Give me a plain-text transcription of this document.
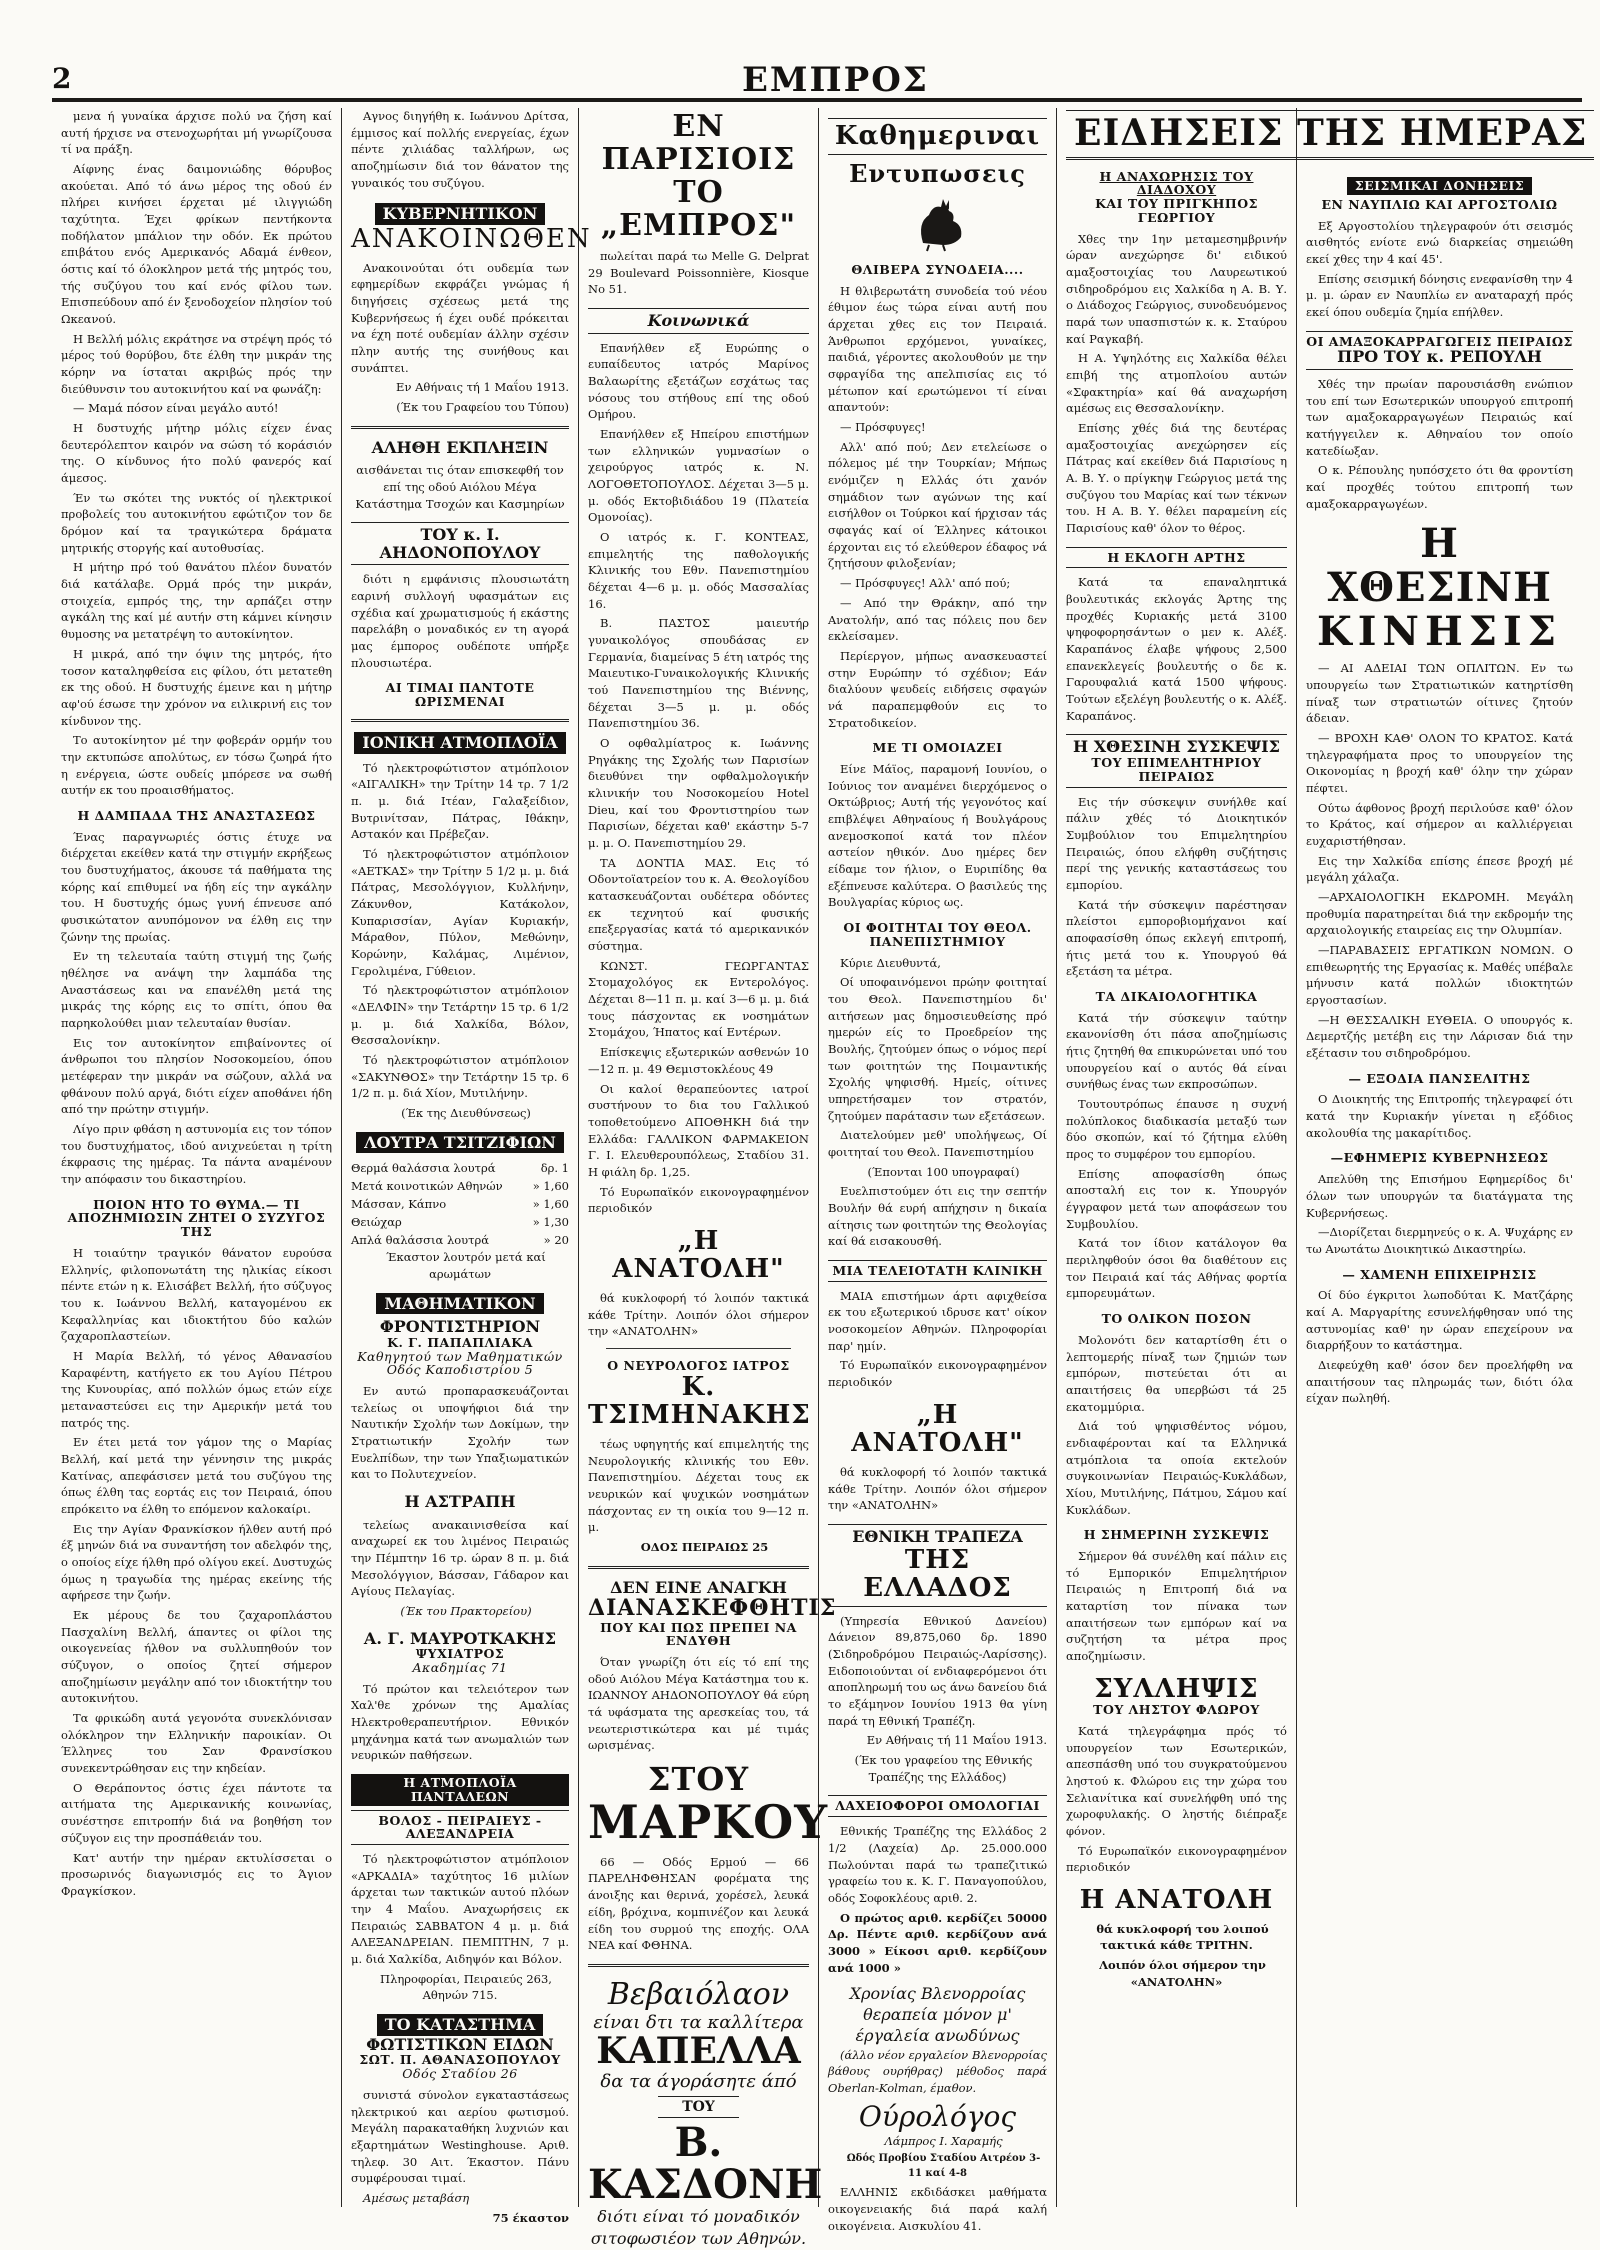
2	ΕΜΠΡΟΣ

μενα ή γυναίκα άρχισε πολύ να ζήση καί αυτή ήρχισε να στενοχωρήται μή γνωρίζουσα τί να πράξη.

Αίφνης ένας δαιμονιώδης θόρυβος ακούεται. Από τό άνω μέρος της οδού έν πλήρει κινήσει έρχεται μέ ιλιγγιώδη ταχύτητα. Έχει φρίκων πεντήκοντα ποδήλατον μπάλιον την οδόν. Εκ πρώτου επιβάτου ενός Αμερικανός Αδαμά ένθεον, όστις καί τό όλοκληρον μετά τής μητρός του, τής συζύγου του καί ενός φίλου των. Επισπεύδουν από έν ξενοδοχείον πλησίον τού Ωκεανού.

Η Βελλή μόλις εκράτησε να στρέψη πρός τό μέρος τού θορύβου, δτε έλθη την μικράν της κόρην να ίσταται ακριβώς πρός την διεύθυνσιν του αυτοκινήτου καί να φωνάζη:

— Μαμά πόσον είναι μεγάλο αυτό!

Η δυστυχής μήτηρ μόλις είχεν ένας δευτερόλεπτον καιρόν να σώση τό κοράσιόν της. Ο κίνδυνος ήτο πολύ φανερός καί άμεσος.

Έν τω σκότει της νυκτός οί ηλεκτρικοί προβολείς του αυτοκινήτου εφώτιζον τον δε δρόμον καί τα τραγικώτερα δράματα μητρικής στοργής καί αυτοθυσίας.

Η μήτηρ πρό τού θανάτου πλέον δυνατόν διά κατάλαβε. Ορμά πρός την μικράν, στοιχεία, εμπρός της, την αρπάζει στην αγκάλη της καί μέ αυτήν στη κάμνει κίνησιν θυμοσης να μετατρέψη το αυτοκίνητον.

Η μικρά, από την όψιν της μητρός, ήτο τοσον καταληφθείσα εις φίλου, ότι μετατεθη εκ της οδού. Η δυστυχής έμεινε και η μήτηρ αφ'ού έσωσε την χρόνον να ειλικρινή εις τον κίνδυνον της.

Το αυτοκίνητον μέ την φοβεράν ορμήν του την εκτυπώσε απολύτως, εν τόσω ζωηρά ήτο η ενέργεια, ώστε ουδείς μπόρεσε να σωθή αυτήν εκ του προαισθήματος.

Η ΔΑΜΠΑΔΑ ΤΗΣ ΑΝΑΣΤΑΣΕΩΣ

Ένας παραγνωριές όστις έτυχε να διέρχεται εκείθεν κατά την στιγμήν εκρήξεως του δυστυχήματος, άκουσε τά παθήματα της κόρης καί επιθυμεί να ήδη είς την αγκάλην του. Η δυστυχής όμως γυνή έπνευσε από φυσικώτατον ανυπόμονον να έλθη εις την ζώνην της πρωίας.

Εν τη τελευταία ταύτη στιγμή της ζωής ηθέλησε να ανάψη την λαμπάδα της Αναστάσεως και να επανέλθη μετά της μικράς της κόρης εις το σπίτι, όπου θα παρηκολούθει μιαν τελευταίαν θυσίαν.

Εις τον αυτοκίνητον επιβαίνοντες οί άνθρωποι του πλησίον Νοσοκομείου, όπου μετέφεραν την μικράν να σώζουν, αλλά να φθάνουν πολύ αργά, διότι είχεν αποθάνει ήδη από την πρώτην στιγμήν.

Λίγο πριν φθάση η αστυνομία εις τον τόπον του δυστυχήματος, ιδού ανιχνεύεται η τρίτη έκφρασις της ημέρας. Τα πάντα αναμένουν την απόφασιν του δικαστηρίου.

ΠΟΙΟΝ ΗΤΟ ΤΟ ΘΥΜΑ.— ΤΙ ΑΠΟΖΗΜΙΩΣΙΝ ΖΗΤΕΙ Ο ΣΥΖΥΓΟΣ ΤΗΣ

Η τοιαύτην τραγικόν θάνατον ευρούσα Ελληνίς, φιλοπονωτάτη της ηλικίας είκοσι πέντε ετών η κ. Ελισάβετ Βελλή, ήτο σύζυγος του κ. Ιωάννου Βελλή, καταγομένου εκ Κεφαλληνίας και ιδιοκτήτου δύο καλών ζαχαροπλαστείων.

Η Μαρία Βελλή, τό γένος Αθανασίου Καραφέντη, κατήγετο εκ του Αγίου Πέτρου της Κυνουρίας, από πολλών όμως ετών είχε μεταναστεύσει εις την Αμερικήν μετά του πατρός της.

Εν έτει μετά τον γάμον της ο Μαρίας Βελλή, καί μετά την γέννησιν της μικράς Κατίνας, απεφάσισεν μετά του συζύγου της όπως έλθη τας εορτάς εις τον Πειραιά, όπου επρόκειτο να έλθη το επόμενον καλοκαίρι.

Εις την Αγίαν Φρανκίσκον ήλθεν αυτή πρό έξ μηνών διά να συναντήση τον αδελφόν της, ο οποίος είχε ήλθη πρό ολίγου εκεί. Δυστυχώς όμως η τραγωδία της ημέρας εκείνης τής αφήρεσε την ζωήν.

Εκ μέρους δε του ζαχαροπλάστου Πασχαλίνη Βελλή, άπαντες οι φίλοι της οικογενείας ήλθον να συλλυπηθούν τον σύζυγον, ο οποίος ζητεί σήμερον αποζημίωσιν μεγάλην από τον ιδιοκτήτην του αυτοκινήτου.

Τα φρικώδη αυτά γεγονότα συνεκλόνισαν ολόκληρον την Ελληνικήν παροικίαν. Οι Έλληνες του Σαν Φρανσίσκου συνεκεντρώθησαν εις την κηδείαν.

Ο Θεράποντος όστις έχει πάντοτε τα αιτήματα της Αμερικανικής κοινωνίας, συνέστησε επιτροπήν διά να βοηθήση τον σύζυγον εις την προσπάθειάν του.

Κατ' αυτήν την ημέραν εκτυλίσσεται ο προσωρινός διαγωνισμός εις το Άγιον Φραγκίσκον.

Αγνος διηγήθη κ. Ιωάννου Δρίτσα, έμμισος καί πολλής ενεργείας, έχων πέντε χιλιάδας ταλλήρων, ως αποζημίωσιν διά τον θάνατον της γυναικός του συζύγου.

ΚΥΒΕΡΝΗΤΙΚΟΝ
ΑΝΑΚΟΙΝΩΘΕΝ

Ανακοινούται ότι ουδεμία των εφημερίδων εκφράζει γνώμας ή διηγήσεις σχέσεως μετά της Κυβερνήσεως ή έχει ουδέ πρόκειται να έχη ποτέ ουδεμίαν άλλην σχέσιν πλην αυτής της συνήθους και συνάπτει.

Εν Αθήναις τή 1 Μαΐου 1913.

(Έκ του Γραφείου του Τύπου)

ΑΛΗΘΗ ΕΚΠΛΗΞΙΝ

αισθάνεται τις όταν επισκεφθή τον επί της οδού Αιόλου Μέγα Κατάστημα Τσοχών και Κασμηρίων

ΤΟΥ κ. Ι. ΑΗΔΟΝΟΠΟΥΛΟΥ

διότι η εμφάνισις πλουσιωτάτη εαρινή συλλογή υφασμάτων εις σχέδια καί χρωματισμούς ή εκάστης παρελάβη ο μοναδικός εν τη αγορά μας έμπορος ουδέποτε υπήρξε πλουσιωτέρα.

ΑΙ ΤΙΜΑΙ ΠΑΝΤΟΤΕ ΩΡΙΣΜΕΝΑΙ
ΙΟΝΙΚΗ ΑΤΜΟΠΛΟΪΑ

Τό ηλεκτροφώτιστον ατμόπλοιον «ΑΙΓΑΛΙΚΗ» την Τρίτην 14 τρ. 7 1/2 π. μ. διά Ιτέαν, Γαλαξείδιον, Βυτρινίτσαν, Πάτρας, Ιθάκην, Αστακόν και Πρέβεζαν.

Τό ηλεκτροφώτιστον ατμόπλοιον «ΑΕΤΚΑΣ» την Τρίτην 5 1/2 μ. μ. διά Πάτρας, Μεσολόγγιον, Κυλλήνην, Ζάκυνθον, Κατάκολον, Κυπαρισσίαν, Αγίαν Κυριακήν, Μάραθον, Πύλον, Μεθώνην, Κορώνην, Καλάμας, Λιμένιον, Γερολιμένα, Γύθειον.

Τό ηλεκτροφώτιστον ατμόπλοιον «ΔΕΛΦΙΝ» την Τετάρτην 15 τρ. 6 1/2 μ. μ. διά Χαλκίδα, Βόλον, Θεσσαλονίκην.

Τό ηλεκτροφώτιστον ατμόπλοιον «ΣΑΚΥΝΘΟΣ» την Τετάρτην 15 τρ. 6 1/2 π. μ. διά Χίον, Μυτιλήνην.

(Έκ της Διευθύνσεως)

ΛΟΥΤΡΑ ΤΣΙΤΖΙΦΙΩΝ
Θερμά θαλάσσια λουτρά	δρ. 1
Μετά κοινοτικών Αθηνών	» 1,60
Μάσσαν, Κάπνο	» 1,60
Θειώχαρ	» 1,30
Απλά θαλάσσια λουτρά	» 20

Έκαστον λουτρόν μετά καί αρωμάτων

ΜΑΘΗΜΑΤΙΚΟΝ
ΦΡΟΝΤΙΣΤΗΡΙΟΝ
Κ. Γ. ΠΑΠΑΠΛΙΑΚΑ
Καθηγητού των Μαθηματικών
Οδός Καποδιστρίου 5

Εν αυτώ προπαρασκευάζονται τελείως οι υποψήφιοι διά την Ναυτικήν Σχολήν των Δοκίμων, την Στρατιωτικήν Σχολήν των Ευελπίδων, την των Υπαξιωματικών και το Πολυτεχνείον.

Η ΑΣΤΡΑΠΗ

τελείως ανακαινισθείσα καί αναχωρεί εκ του λιμένος Πειραιώς την Πέμπτην 16 τρ. ώραν 8 π. μ. διά Μεσολόγγιον, Βάσσαν, Γάδαρον και Αγίους Πελαγίας.

(Έκ του Πρακτορείου)

Α. Γ. ΜΑΥΡΟΤΚΑΚΗΣ
ΨΥΧΙΑΤΡΟΣ
Ακαδημίας 71

Τό πρώτον και τελειότερον των Χαλ'θε χρόνων της Αμαλίας Ηλεκτροθεραπευτήριον. Εθνικόν μηχάνημα κατά των ανωμαλιών των νευρικών παθήσεων.

Η ΑΤΜΟΠΛΟΪΑ ΠΑΝΤΑΛΕΩΝ
ΒΟΛΟΣ - ΠΕΙΡΑΙΕΥΣ - ΑΛΕΞΑΝΔΡΕΙΑ

Τό ηλεκτροφώτιστον ατμόπλοιον «ΑΡΚΑΔΙΑ» ταχύτητος 16 μιλίων άρχεται των τακτικών αυτού πλόων την 4 Μαΐου. Αναχωρήσεις εκ Πειραιώς ΣΑΒΒΑΤΟΝ 4 μ. μ. διά ΑΛΕΞΑΝΔΡΕΙΑΝ. ΠΕΜΠΤΗΝ, 7 μ. μ. διά Χαλκίδα, Αιδηψόν και Βόλον.

Πληροφορίαι, Πειραιεύς 263, Αθηνών 715.

ΤΟ ΚΑΤΑΣΤΗΜΑ
ΦΩΤΙΣΤΙΚΩΝ ΕΙΔΩΝ
ΣΩΤ. Π. ΑΘΑΝΑΣΟΠΟΥΛΟΥ
Οδός Σταδίου 26

συνιστά σύνολον εγκαταστάσεως ηλεκτρικού και αερίου φωτισμού. Μεγάλη παρακαταθήκη λυχνιών και εξαρτημάτων Westinghouse. Αριθ. τηλεφ. 30 Αιτ. Έκαστον. Πάνυ συμφέρουσαι τιμαί.

Αμέσως μεταβάση

75 έκαστον

ΕΝ ΠΑΡΙΣΙΟΙΣ
ΤΟ „ΕΜΠΡΟΣ"

πωλείται παρά τω Melle G. Delprat 29 Boulevard Poissonnière, Kiosque No 51.

Κοινωνικά

Επανήλθεν εξ Ευρώπης ο ευπαίδευτος ιατρός Μαρίνος Βαλαωρίτης εξετάζων εσχάτως τας νόσους του στήθους επί της οδού Ομήρου.

Επανήλθεν εξ Ηπείρου επιστήμων των ελληνικών γυμνασίων ο χειρούργος ιατρός κ. Ν. ΛΟΓΟΘΕΤΟΠΟΥΛΟΣ. Δέχεται 3—5 μ. μ. οδός Εκτοβιδιάδου 19 (Πλατεία Ομονοίας).

Ο ιατρός κ. Γ. ΚΟΝΤΕΑΣ, επιμελητής της παθολογικής Κλινικής του Εθν. Πανεπιστημίου δέχεται 4—6 μ. μ. οδός Μασσαλίας 16.

Β. ΠΑΣΤΟΣ μαιευτήρ γυναικολόγος σπουδάσας εν Γερμανία, διαμείνας 5 έτη ιατρός της Μαιευτικο-Γυναικολογικής Κλινικής τού Πανεπιστημίου της Βιέννης, δέχεται 3—5 μ. μ. οδός Πανεπιστημίου 36.

Ο οφθαλμίατρος κ. Ιωάννης Ρηγάκης της Σχολής των Παρισίων διευθύνει την οφθαλμολογικήν κλινικήν του Νοσοκομείου Hotel Dieu, καί του Φροντιστηρίου των Παρισίων, δέχεται καθ' εκάστην 5-7 μ. μ. Ο. Πανεπιστημίου 29.

ΤΑ ΔΟΝΤΙΑ ΜΑΣ. Εις τό Οδοντοϊατρείον του κ. Α. Θεολογίδου κατασκευάζονται ουδέτερα οδόντες εκ τεχνητού καί φυσικής επεξεργασίας κατά τό αμερικανικόν σύστημα.

ΚΩΝΣΤ. ΓΕΩΡΓΑΝΤΑΣ Στομαχολόγος εκ Εντερολόγος. Δέχεται 8—11 π. μ. καί 3—6 μ. μ. διά τους πάσχοντας εκ νοσημάτων Στομάχου, Ήπατος καί Εντέρων.

Επίσκεψις εξωτερικών ασθενών 10—12 π. μ. 49 Θεμιστοκλέους 49

Οι καλοί θεραπεύοντες ιατροί συστήνουν το δια του Γαλλικού τοποθετούμενο ΑΠΟΘΗΚΗ διά την Ελλάδα: ΓΑΛΛΙΚΟΝ ΦΑΡΜΑΚΕΙΟΝ Γ. Ι. Ελευθερουπόλεως, Σταδίου 31. Η φιάλη δρ. 1,25.

Τό Ευρωπαϊκόν εικονογραφημένον περιοδικόν

„Η ΑΝΑΤΟΛΗ"

θά κυκλοφορή τό λοιπόν τακτικά κάθε Τρίτην. Λοιπόν όλοι σήμερον την «ΑΝΑΤΟΛΗΝ»

Ο ΝΕΥΡΟΛΟΓΟΣ ΙΑΤΡΟΣ
Κ. ΤΣΙΜΗΝΑΚΗΣ

τέως υφηγητής καί επιμελητής της Νευρολογικής κλινικής του Εθν. Πανεπιστημίου. Δέχεται τους εκ νευρικών καί ψυχικών νοσημάτων πάσχοντας εν τη οικία του 9—12 π. μ.

ΟΔΟΣ ΠΕΙΡΑΙΩΣ 25

ΔΕΝ ΕΙΝΕ ΑΝΑΓΚΗ
ΔΙΑΝΑΣΚΕΦΘΗΤΙΣ
ΠΟΥ ΚΑΙ ΠΩΣ ΠΡΕΠΕΙ ΝΑ ΕΝΔΥΘΗ

Όταν γνωρίζη ότι είς τό επί της οδού Αιόλου Μέγα Κατάστημα του κ. ΙΩΑΝΝΟΥ ΑΗΔΟΝΟΠΟΥΛΟΥ θά εύρη τά υφάσματα της αρεσκείας του, τά νεωτεριστικώτερα και μέ τιμάς ωρισμένας.

ΣΤΟΥ
ΜΑΡΚΟΥ

66 — Οδός Ερμού — 66 ΠΑΡΕΛΗΦΘΗΣΑΝ φορέματα της άνοιξης και θερινά, χορέσελ, λευκά είδη, βρόχινα, κομπινέζον και λευκά είδη του συρμού της εποχής. ΟΛΑ ΝΕΑ καί ΦΘΗΝΑ.

Βεβαιόλαον
είναι δτι τα καλλίτερα
ΚΑΠΕΛΛΑ
δα τα άγοράσητε άπό
ΤΟΥ
Β. ΚΑΣΔΟΝΗ
διότι είναι τό μοναδικόν σιτοφωσιέον των Αθηνών.
Καθημεριναι
Εντυπωσεις
ΘΛΙΒΕΡΑ ΣΥΝΟΔΕΙΑ....

Η θλιβερωτάτη συνοδεία τού νέου έθιμον έως τώρα είναι αυτή που άρχεται χθες εις τον Πειραιά. Άνθρωποι ερχόμενοι, γυναίκες, παιδιά, γέροντες ακολουθούν με την σφραγίδα της απελπισίας εις τό μέτωπον καί ερωτώμενοι τί είναι απαντούν:

— Πρόσφυγες!

Αλλ' από πού; Δεν ετελείωσε ο πόλεμος μέ την Τουρκίαν; Μήπως ενόμιζεν η Ελλάς ότι χανόν σημάδιον των αγώνων της καί εισήλθον οι Τούρκοι καί ήρχισαν τάς σφαγάς καί οί Έλληνες κάτοικοι έρχονται εις τό ελεύθερον έδαφος νά ζητήσουν φιλοξενίαν;

— Πρόσφυγες! Αλλ' από πού;

— Από την Θράκην, από την Ανατολήν, από τας πόλεις που δεν εκλείσαμεν.

Περίεργον, μήπως ανασκευαστεί στην Ευρώπην τό σχέδιον; Εάν διαλύουν ψευδείς ειδήσεις σφαγών νά παραπεμφθούν εις το Στρατοδικείον.

ΜΕ ΤΙ ΟΜΟΙΑΖΕΙ

Είνε Μάϊος, παραμονή Ιουνίου, ο Ιούνιος τον αναμένει διερχόμενος ο Οκτώβριος; Αυτή τής γεγονότος καί επιβλέψει Αθηναίους ή Βουλγάρους ανεμοσκοποί κατά τον πλέον αστείον ηθικόν. Δυο ημέρες δεν είδαμε τον ήλιον, ο Ευριπίδης θα εξέπνευσε καλύτερα. Ο βασιλεύς της Βουλγαρίας κύριος ως.

ΟΙ ΦΟΙΤΗΤΑΙ ΤΟΥ ΘΕΟΛ. ΠΑΝΕΠΙΣΤΗΜΙΟΥ

Κύριε Διευθυντά,

Οί υποφαινόμενοι πρώην φοιτηταί του Θεολ. Πανεπιστημίου δι' αιτήσεων μας δημοσιευθείσης πρό ημερών είς το Προεδρείον της Βουλής, ζητούμεν όπως ο νόμος περί των φοιτητών της Ποιμαντικής Σχολής ψηφισθή. Ημείς, οίτινες υπηρετήσαμεν τον στρατόν, ζητούμεν παράτασιν των εξετάσεων.

Διατελούμεν μεθ' υπολήψεως, Οί φοιτηταί του Θεολ. Πανεπιστημίου

(Έπονται 100 υπογραφαί)

Ευελπιστούμεν ότι εις την σεπτήν Βουλήν θά ευρή απήχησιν η δικαία αίτησις των φοιτητών της Θεολογίας καί θά εισακουσθή.

ΜΙΑ ΤΕΛΕΙΟΤΑΤΗ ΚΛΙΝΙΚΗ

ΜΑΙΑ επιστήμων άρτι αφιχθείσα εκ του εξωτερικού ιδρυσε κατ' οίκον νοσοκομείον Αθηνών. Πληροφορίαι παρ' ημίν.

Τό Ευρωπαϊκόν εικονογραφημένον περιοδικόν

„Η ΑΝΑΤΟΛΗ"

θά κυκλοφορή τό λοιπόν τακτικά κάθε Τρίτην. Λοιπόν όλοι σήμερον την «ΑΝΑΤΟΛΗΝ»

ΕΘΝΙΚΗ ΤΡΑΠΕΖΑ
ΤΗΣ ΕΛΛΑΔΟΣ

(Υπηρεσία Εθνικού Δανείου) Δάνειον 89,875,060 δρ. 1890 (Σιδηροδρόμου Πειραιώς-Λαρίσσης). Ειδοποιούνται οί ενδιαφερόμενοι ότι αποπληρωμή του ως άνω δανείου διά το εξάμηνον Ιουνίου 1913 θα γίνη παρά τη Εθνική Τραπέζη.

Εν Αθήναις τή 11 Μαΐου 1913.

(Έκ του γραφείου της Εθνικής Τραπέζης της Ελλάδος)

ΛΑΧΕΙΟΦΟΡΟΙ ΟΜΟΛΟΓΙΑΙ

Εθνικής Τραπέζης της Ελλάδος 2 1/2 (Λαχεία) Δρ. 25.000.000 Πωλούνται παρά τω τραπεζιτικώ γραφείω του κ. Κ. Γ. Παναγοπούλου, οδός Σοφοκλέους αριθ. 2.

Ο πρώτος αριθ. κερδίζει 50000 Δρ. Πέντε αριθ. κερδίζουν ανά 3000 » Είκοσι αριθ. κερδίζουν ανά 1000 »

Χρονίας Βλενορροίας θεραπεία μόνον μ' έργαλεία ανωδύνως

(άλλο νέον εργαλείον Βλενορροίας βάθους ουρήθρας) μέθοδος παρά Oberlan-Kolman, έμαθον.

Ούρολόγος

Λάμπρος Ι. Χαραμής

Ωδός Προβίου Σταδίου Αιτρέον 3-11 καί 4-8

ΕΛΛΗΝΙΣ εκδιδάσκει μαθήματα οικογενειακής διά παρά καλή οικογένεια. Αισκυλίου 41.

ΕΙΔΗΣΕΙΣ ΤΗΣ ΗΜΕΡΑΣ
Η ΑΝΑΧΩΡΗΣΙΣ ΤΟΥ ΔΙΑΔΟΧΟΥ
ΚΑΙ ΤΟΥ ΠΡΙΓΚΗΠΟΣ ΓΕΩΡΓΙΟΥ

Χθες την 1ην μεταμεσημβρινήν ώραν ανεχώρησε δι' ειδικού αμαξοστοιχίας του Λαυρεωτικού σιδηροδρόμου εις Χαλκίδα η Α. Β. Υ. ο Διάδοχος Γεώργιος, συνοδευόμενος παρά των υπασπιστών κ. κ. Σταύρου καί Ραγκαβή.

Η Α. Υψηλότης εις Χαλκίδα θέλει επιβή της ατμοπλοίου αυτών «Σφακτηρία» καί θά αναχωρήση αμέσως εις Θεσσαλονίκην.

Επίσης χθές διά της δευτέρας αμαξοστοιχίας ανεχώρησεν είς Πάτρας καί εκείθεν διά Παρισίους η Α. Β. Υ. ο πρίγκηψ Γεώργιος μετά της συζύγου του Μαρίας καί των τέκνων του. Η Α. Β. Υ. θέλει παραμείνη είς Παρισίους καθ' όλον το θέρος.

Η ΕΚΛΟΓΗ ΑΡΤΗΣ

Κατά τα επαναληπτικά βουλευτικάς εκλογάς Άρτης της προχθές Κυριακής μετά 3100 ψηφοφορησάντων ο μεν κ. Αλέξ. Καραπάνος έλαβε ψήφους 2,500 επανεκλεγείς βουλευτής ο δε κ. Γαρουφαλιά κατά 1500 ψήφους. Τούτων εξελέγη βουλευτής ο κ. Αλέξ. Καραπάνος.

Η ΧΘΕΣΙΝΗ ΣΥΣΚΕΨΙΣ
ΤΟΥ ΕΠΙΜΕΛΗΤΗΡΙΟΥ ΠΕΙΡΑΙΩΣ

Εις τήν σύσκεψιν συνήλθε καί πάλιν χθές τό Διοικητικόν Συμβούλιον του Επιμελητηρίου Πειραιώς, όπου ελήφθη συζήτησις περί της γενικής καταστάσεως του εμπορίου.

Κατά τήν σύσκεψιν παρέστησαν πλείστοι εμποροβιομήχανοι καί αποφασίσθη όπως εκλεγή επιτροπή, ήτις μετά του κ. Υπουργού θά εξετάση τα μέτρα.

ΤΑ ΔΙΚΑΙΟΛΟΓΗΤΙΚΑ

Κατά τήν σύσκεψιν ταύτην εκανονίσθη ότι πάσα αποζημίωσις ήτις ζητηθή θα επικυρώνεται υπό του υπουργείου καί ο αυτός θά είναι συνήθως ένας των εκπροσώπων.

Τουτουτρόπως έπαυσε η συχνή πολύπλοκος διαδικασία μεταξύ των δύο σκοπών, καί τό ζήτημα ελύθη προς το συμφέρον του εμπορίου.

Επίσης αποφασίσθη όπως αποσταλή εις τον κ. Υπουργόν έγγραφον μετά των αποφάσεων του Συμβουλίου.

Κατά τον ίδιον κατάλογον θα περιληφθούν όσοι θα διαθέτουν εις τον Πειραιά καί τάς Αθήνας φορτία εμπορευμάτων.

ΤΟ ΟΛΙΚΟΝ ΠΟΣΟΝ

Μολονότι δεν καταρτίσθη έτι ο λεπτομερής πίναξ των ζημιών των εμπόρων, πιστεύεται ότι αι απαιτήσεις θα υπερβώσι τά 25 εκατομμύρια.

Διά τού ψηφισθέντος νόμου, ενδιαφέρονται καί τα Ελληνικά ατμόπλοια τα οποία εκτελούν συγκοινωνίαν Πειραιώς-Κυκλάδων, Χίου, Μυτιλήνης, Πάτμου, Σάμου καί Κυκλάδων.

Η ΣΗΜΕΡΙΝΗ ΣΥΣΚΕΨΙΣ

Σήμερον θά συνέλθη καί πάλιν εις τό Εμπορικόν Επιμελητήριον Πειραιώς η Επιτροπή διά να καταρτίση τον πίνακα των απαιτήσεων των εμπόρων καί να συζητήση τα μέτρα προς αποζημίωσιν.

ΣΥΛΛΗΨΙΣ
ΤΟΥ ΛΗΣΤΟΥ ΦΛΩΡΟΥ

Κατά τηλεγράφημα πρός τό υπουργείον των Εσωτερικών, απεσπάσθη υπό του συγκρατούμενου ληστού κ. Φλώρου εις την χώρα του Σελιανίτικα καί συνελήφθη υπό της χωροφυλακής. Ο ληστής διέπραξε φόνον.

Τό Ευρωπαϊκόν εικονογραφημένον περιοδικόν

Η ΑΝΑΤΟΛΗ

θά κυκλοφορή του λοιπού τακτικά κάθε ΤΡΙΤΗΝ.

Λοιπόν όλοι σήμερον την «ΑΝΑΤΟΛΗΝ»

ΣΕΙΣΜΙΚΑΙ ΔΟΝΗΣΕΙΣ
ΕΝ ΝΑΥΠΛΙΩ ΚΑΙ ΑΡΓΟΣΤΟΛΙΩ

Εξ Αργοστολίου τηλεγραφούν ότι σεισμός αισθητός ενίοτε ενώ διαρκείας σημειώθη εκεί χθες την 4 καί 45'.

Επίσης σεισμική δόνησις ενεφανίσθη την 4 μ. μ. ώραν εν Ναυπλίω εν αναταραχή πρός εκεί όπου ουδεμία ζημία επήλθεν.

ΟΙ ΑΜΑΞΟΚΑΡΡΑΓΩΓΕΙΣ ΠΕΙΡΑΙΩΣ
ΠΡΟ ΤΟΥ κ. ΡΕΠΟΥΛΗ

Χθές την πρωίαν παρουσιάσθη ενώπιον του επί των Εσωτερικών υπουργού επιτροπή των αμαξοκαρραγωγέων Πειραιώς καί κατήγγειλεν κ. Αθηναίου τον οποίο κατεδίωξαν.

Ο κ. Ρέπουλης ηυπόσχετο ότι θα φροντίση καί προχθές τούτου επιτροπή των αμαξοκαρραγωγέων.

Η ΧΘΕΣΙΝΗ
ΚΙΝΗΣΙΣ

— ΑΙ ΑΔΕΙΑΙ ΤΩΝ ΟΠΛΙΤΩΝ. Εν τω υπουργείω των Στρατιωτικών κατηρτίσθη πίναξ των στρατιωτών οίτινες ζητούν άδειαν.

— ΒΡΟΧΗ ΚΑΘ' ΟΛΟΝ ΤΟ ΚΡΑΤΟΣ. Κατά τηλεγραφήματα προς το υπουργείον της Οικονομίας η βροχή καθ' όλην την χώραν πέφτει.

Ούτω άφθονος βροχή περιλούσε καθ' όλον το Κράτος, καί σήμερον αι καλλιέργειαι ευχαριστήθησαν.

Εις την Χαλκίδα επίσης έπεσε βροχή μέ μεγάλη χάλαζα.

—ΑΡΧΑΙΟΛΟΓΙΚΗ ΕΚΔΡΟΜΗ. Μεγάλη προθυμία παρατηρείται διά την εκδρομήν της αρχαιολογικής εταιρείας εις την Ολυμπίαν.

—ΠΑΡΑΒΑΣΕΙΣ ΕΡΓΑΤΙΚΩΝ ΝΟΜΩΝ. Ο επιθεωρητής της Εργασίας κ. Μαθές υπέβαλε μήνυσιν κατά πολλών ιδιοκτητών εργοστασίων.

—Η ΘΕΣΣΑΛΙΚΗ ΕΥΘΕΙΑ. Ο υπουργός κ. Δεμερτζής μετέβη εις την Λάρισαν διά την εξέτασιν του σιδηροδρόμου.

— ΕΞΟΔΙΑ ΠΑΝΣΕΛΙΤΗΣ

Ο Διοικητής της Επιτροπής τηλεγραφεί ότι κατά την Κυριακήν γίνεται η εξόδιος ακολουθία της μακαρίτιδος.

—ΕΦΗΜΕΡΙΣ ΚΥΒΕΡΝΗΣΕΩΣ

Απελύθη της Επισήμου Εφημερίδος δι' όλων των υπουργών τα διατάγματα της Κυβερνήσεως.

—Διορίζεται διερμηνεύς ο κ. Α. Ψυχάρης εν τω Ανωτάτω Διοικητικώ Δικαστηρίω.

— ΧΑΜΕΝΗ ΕΠΙΧΕΙΡΗΣΙΣ

Οί δύο έγκριτοι λωποδύται Κ. Ματζάρης καί Α. Μαργαρίτης εσυνελήφθησαν υπό της αστυνομίας καθ' ην ώραν επεχείρουν να διαρρήξουν το κατάστημα.

Διεφεύχθη καθ' όσον δεν προελήφθη να απαιτήσουν τας πληρωμάς των, διότι όλα είχαν πωληθή.
